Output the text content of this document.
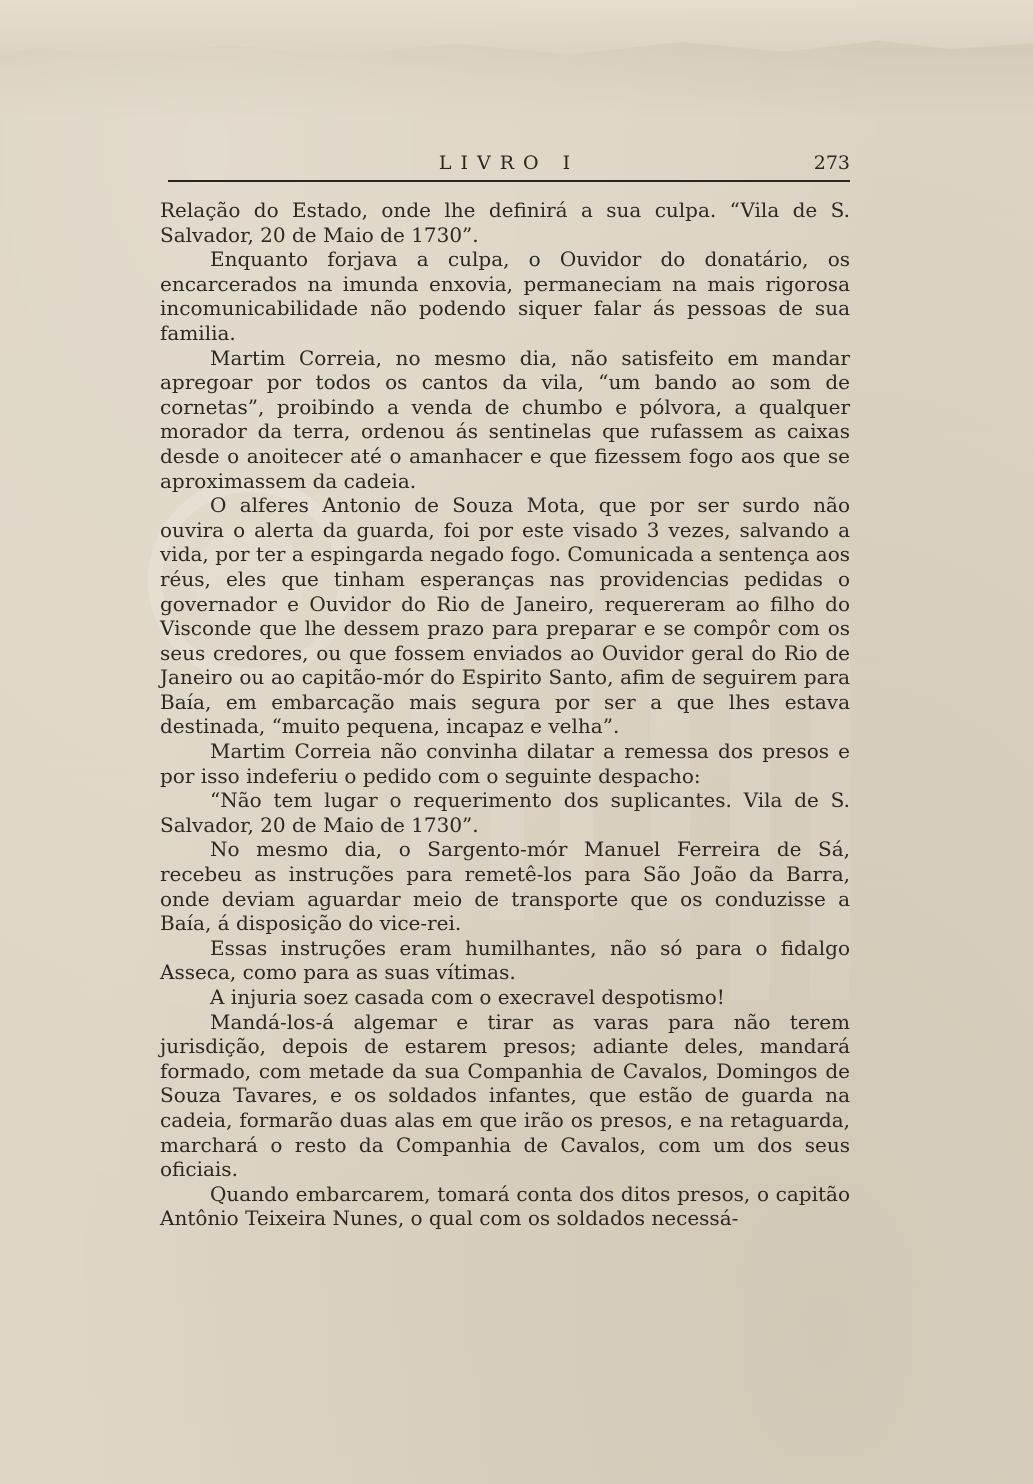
LIVRO I	273

Relação do Estado, onde lhe definirá a sua culpa. “Vila de S. Salvador, 20 de Maio de 1730”.

Enquanto forjava a culpa, o Ouvidor do donatário, os encarcerados na imunda enxovia, permaneciam na mais rigorosa incomunicabilidade não podendo siquer falar ás pessoas de sua familia.

Martim Correia, no mesmo dia, não satisfeito em mandar apregoar por todos os cantos da vila, “um bando ao som de cornetas”, proibindo a venda de chumbo e pólvora, a qualquer morador da terra, ordenou ás sentinelas que rufassem as caixas desde o anoitecer até o amanhacer e que fizessem fogo aos que se aproximassem da cadeia.

O alferes Antonio de Souza Mota, que por ser surdo não ouvira o alerta da guarda, foi por este visado 3 vezes, salvando a vida, por ter a espingarda negado fogo. Comunicada a sentença aos réus, eles que tinham esperanças nas providencias pedidas o governador e Ouvidor do Rio de Janeiro, requereram ao filho do Visconde que lhe dessem prazo para preparar e se compôr com os seus credores, ou que fossem enviados ao Ouvidor geral do Rio de Janeiro ou ao capitão-mór do Espirito Santo, afim de seguirem para Baía, em embarcação mais segura por ser a que lhes estava destinada, “muito pequena, incapaz e velha”.

Martim Correia não convinha dilatar a remessa dos presos e por isso indeferiu o pedido com o seguinte despacho:

“Não tem lugar o requerimento dos suplicantes. Vila de S. Salvador, 20 de Maio de 1730”.

No mesmo dia, o Sargento-mór Manuel Ferreira de Sá, recebeu as instruções para remetê-los para São João da Barra, onde deviam aguardar meio de transporte que os conduzisse a Baía, á disposição do vice-rei.

Essas instruções eram humilhantes, não só para o fidalgo Asseca, como para as suas vítimas.

A injuria soez casada com o execravel despotismo!

Mandá-los-á algemar e tirar as varas para não terem jurisdição, depois de estarem presos; adiante deles, mandará formado, com metade da sua Companhia de Cavalos, Domingos de Souza Tavares, e os soldados infantes, que estão de guarda na cadeia, formarão duas alas em que irão os presos, e na retaguarda, marchará o resto da Companhia de Cavalos, com um dos seus oficiais.

Quando embarcarem, tomará conta dos ditos presos, o capitão Antônio Teixeira Nunes, o qual com os soldados necessá-
